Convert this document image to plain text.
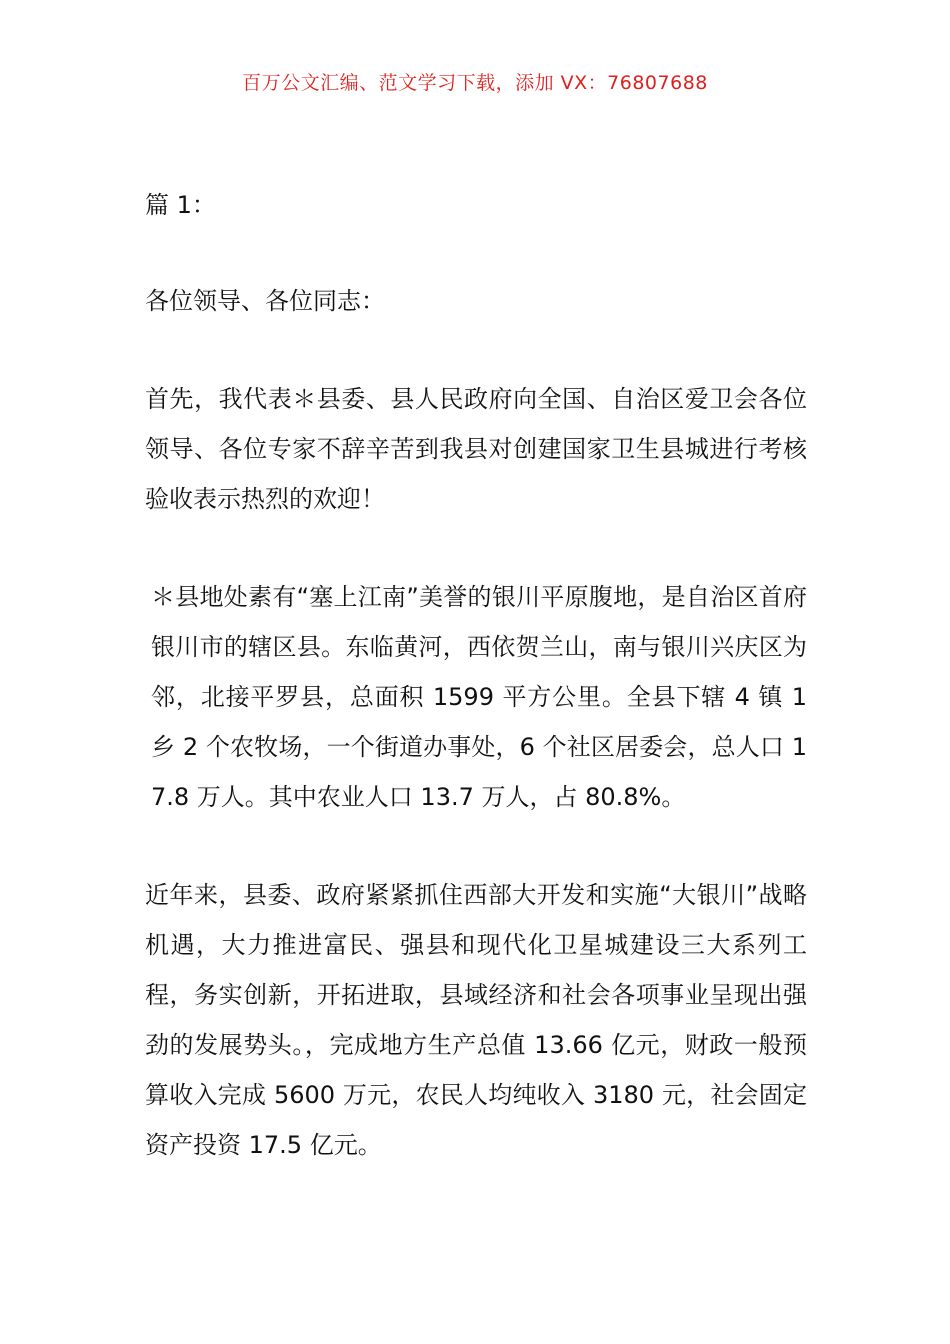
百万公文汇编、范文学习下载，添加 VX：76807688

篇 1：

各位领导、各位同志：

首先，我代表＊县委、县人民政府向全国、自治区爱卫会各位领导、各位专家不辞辛苦到我县对创建国家卫生县城进行考核验收表示热烈的欢迎！

＊县地处素有“塞上江南”美誉的银川平原腹地，是自治区首府银川市的辖区县。东临黄河，西依贺兰山，南与银川兴庆区为邻，北接平罗县，总面积 1599 平方公里。全县下辖 4 镇 1 乡 2 个农牧场，一个街道办事处，6 个社区居委会，总人口 17.8 万人。其中农业人口 13.7 万人，占 80.8%。

近年来，县委、政府紧紧抓住西部大开发和实施“大银川”战略机遇，大力推进富民、强县和现代化卫星城建设三大系列工程，务实创新，开拓进取，县域经济和社会各项事业呈现出强劲的发展势头。，完成地方生产总值 13.66 亿元，财政一般预算收入完成 5600 万元，农民人均纯收入 3180 元，社会固定资产投资 17.5 亿元。
